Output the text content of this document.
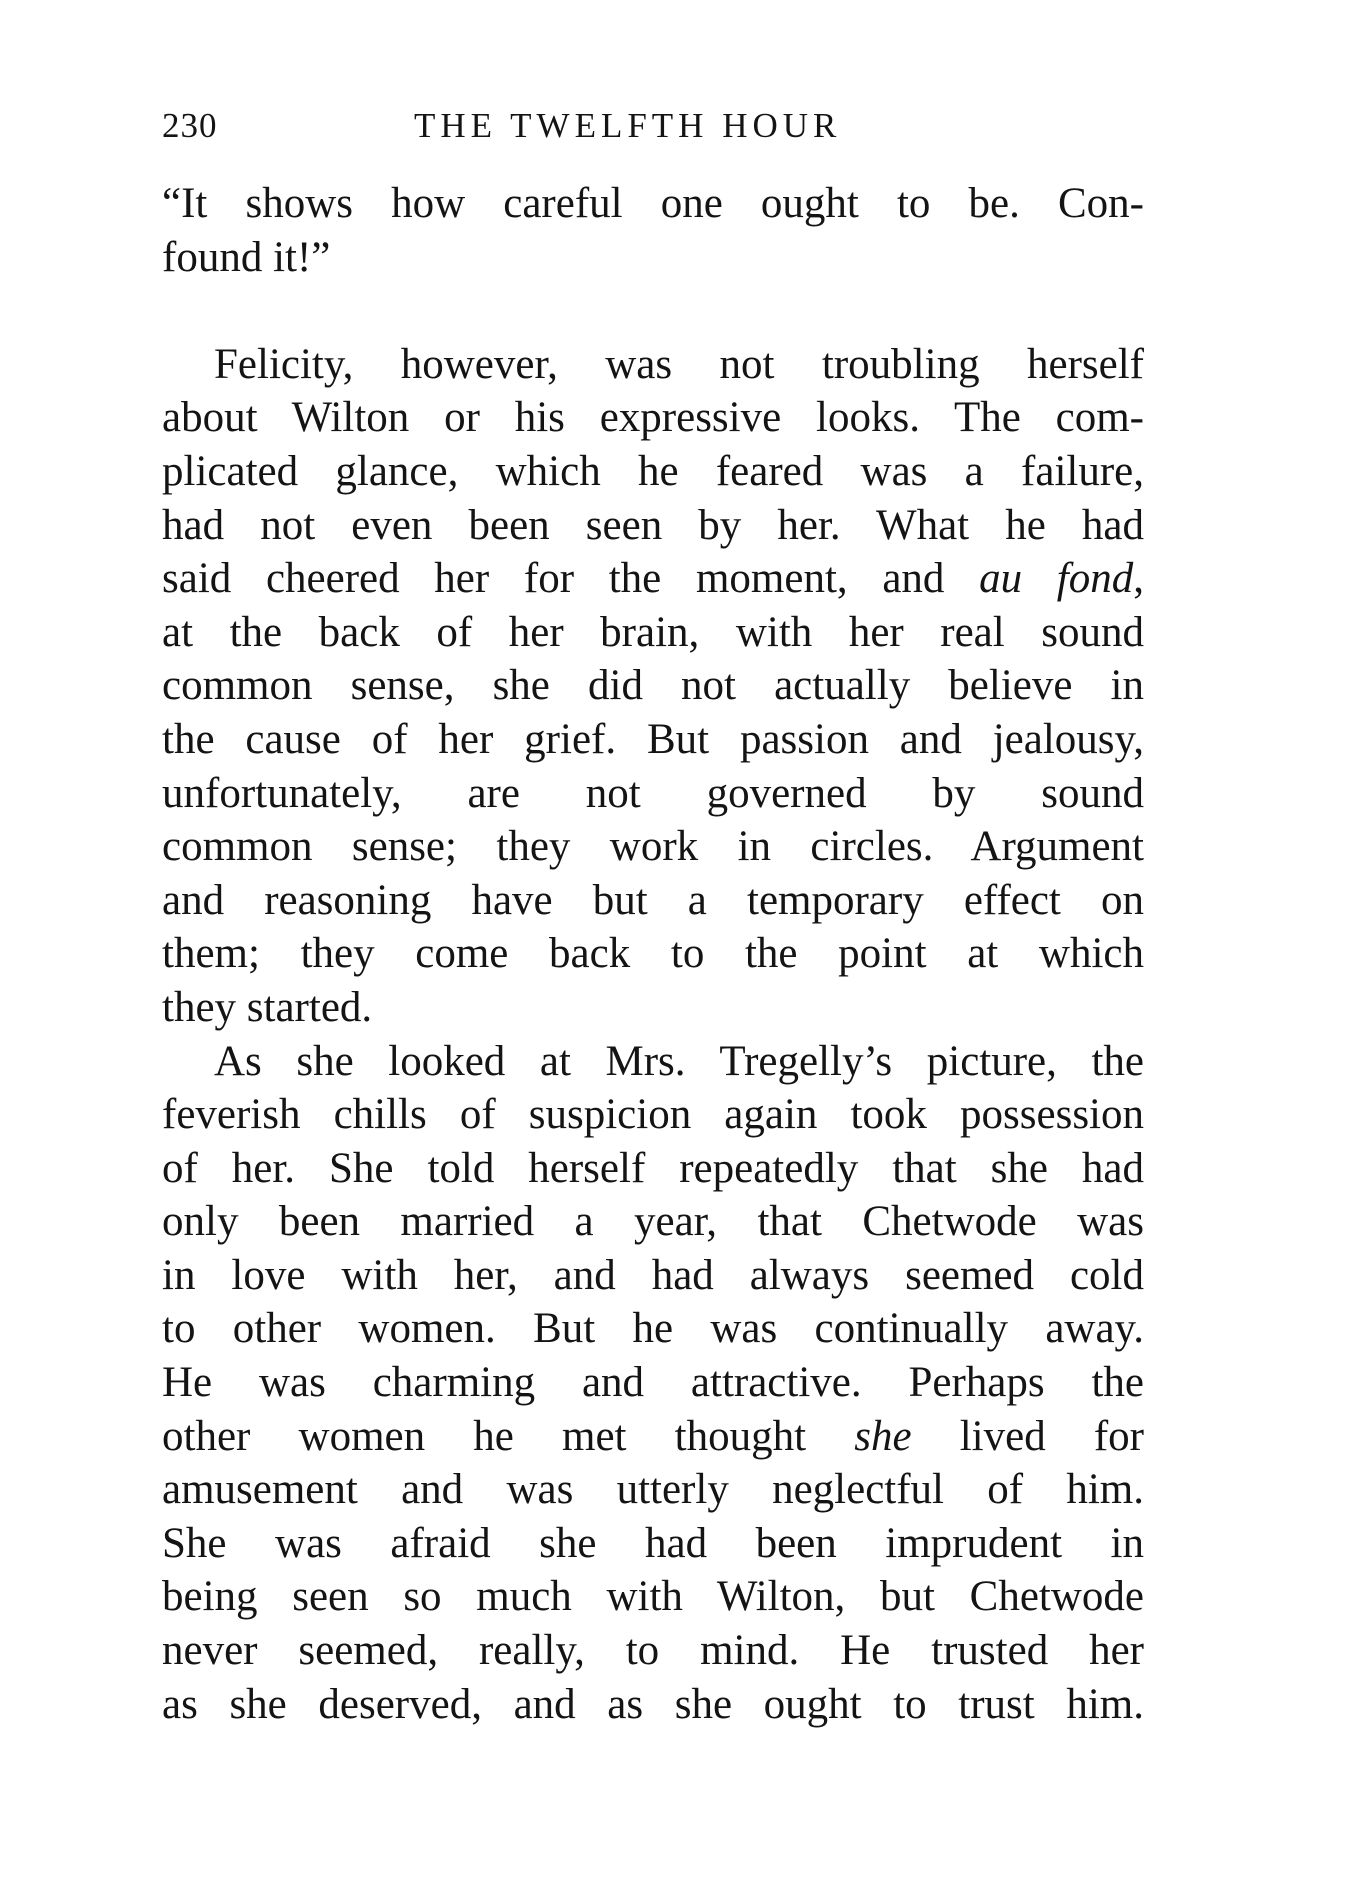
230	THE TWELFTH HOUR
“It shows how careful one ought to be. Con-
found it!”
Felicity, however, was not troubling herself
about Wilton or his expressive looks. The com-
plicated glance, which he feared was a failure,
had not even been seen by her. What he had
said cheered her for the moment, and au fond,
at the back of her brain, with her real sound
common sense, she did not actually believe in
the cause of her grief. But passion and jealousy,
unfortunately, are not governed by sound
common sense; they work in circles. Argument
and reasoning have but a temporary effect on
them; they come back to the point at which
they started.
As she looked at Mrs. Tregelly’s picture, the
feverish chills of suspicion again took possession
of her. She told herself repeatedly that she had
only been married a year, that Chetwode was
in love with her, and had always seemed cold
to other women. But he was continually away.
He was charming and attractive. Perhaps the
other women he met thought she lived for
amusement and was utterly neglectful of him.
She was afraid she had been imprudent in
being seen so much with Wilton, but Chetwode
never seemed, really, to mind. He trusted her
as she deserved, and as she ought to trust him.
